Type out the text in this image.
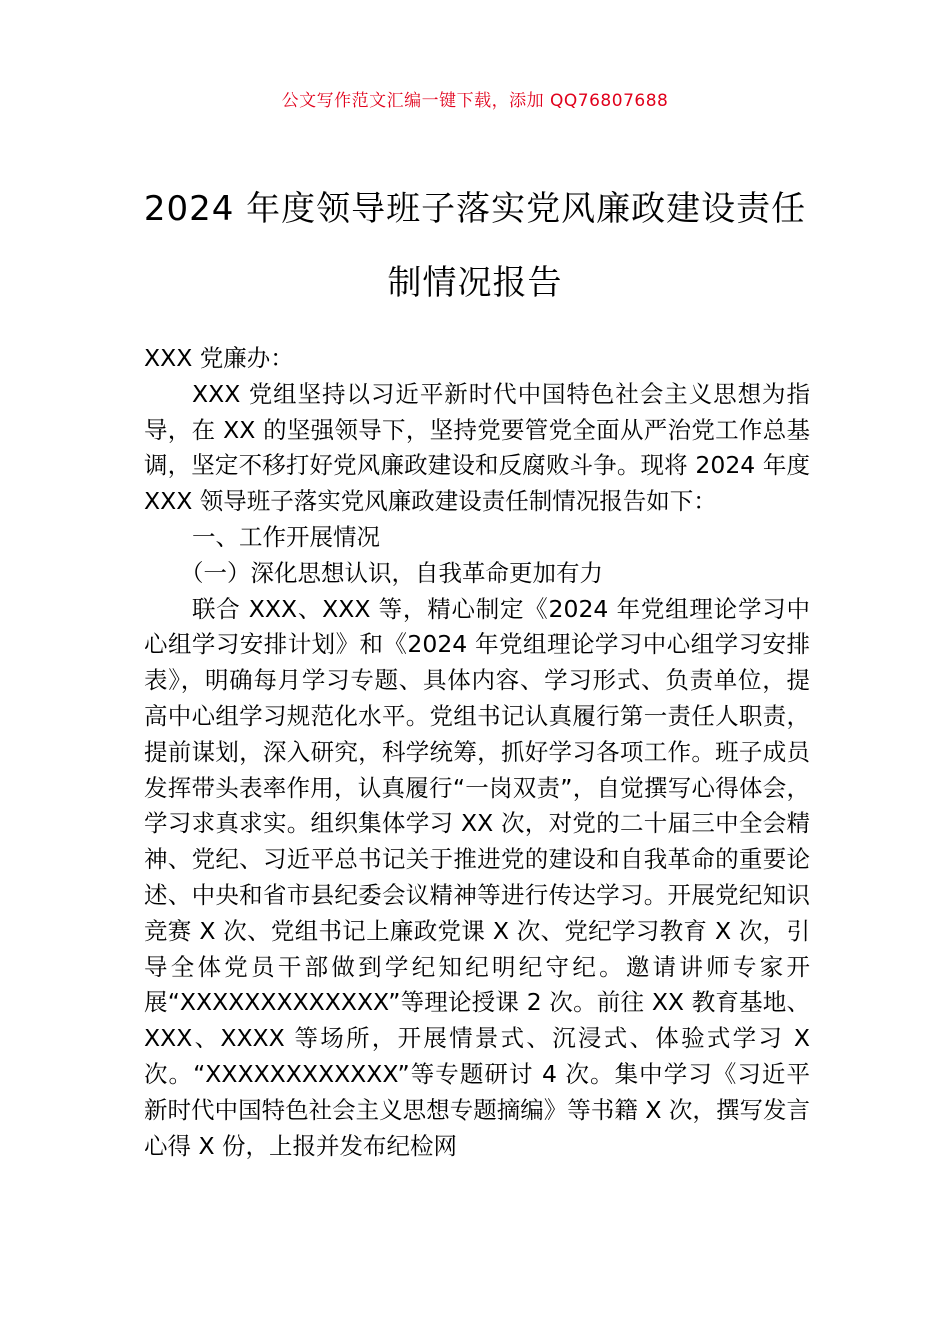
公文写作范文汇编一键下载，添加 QQ76807688
2024 年度领导班子落实党风廉政建设责任制情况报告

XXX 党廉办：

XXX 党组坚持以习近平新时代中国特色社会主义思想为指导，在 XX 的坚强领导下，坚持党要管党全面从严治党工作总基调，坚定不移打好党风廉政建设和反腐败斗争。现将 2024 年度 XXX 领导班子落实党风廉政建设责任制情况报告如下：

一、工作开展情况

（一）深化思想认识，自我革命更加有力

联合 XXX、XXX 等，精心制定《2024 年党组理论学习中心组学习安排计划》和《2024 年党组理论学习中心组学习安排表》，明确每月学习专题、具体内容、学习形式、负责单位，提高中心组学习规范化水平。党组书记认真履行第一责任人职责，提前谋划，深入研究，科学统筹，抓好学习各项工作。班子成员发挥带头表率作用，认真履行“一岗双责”，自觉撰写心得体会，学习求真求实。组织集体学习 XX 次，对党的二十届三中全会精神、党纪、习近平总书记关于推进党的建设和自我革命的重要论述、中央和省市县纪委会议精神等进行传达学习。开展党纪知识竞赛 X 次、党组书记上廉政党课 X 次、党纪学习教育 X 次，引导全体党员干部做到学纪知纪明纪守纪。邀请讲师专家开展“XXXXXXXXXXXXX”等理论授课 2 次。前往 XX 教育基地、XXX、XXXX 等场所，开展情景式、沉浸式、体验式学习 X 次。“XXXXXXXXXXXX”等专题研讨 4 次。集中学习《习近平新时代中国特色社会主义思想专题摘编》等书籍 X 次，撰写发言心得 X 份，上报并发布纪检网
